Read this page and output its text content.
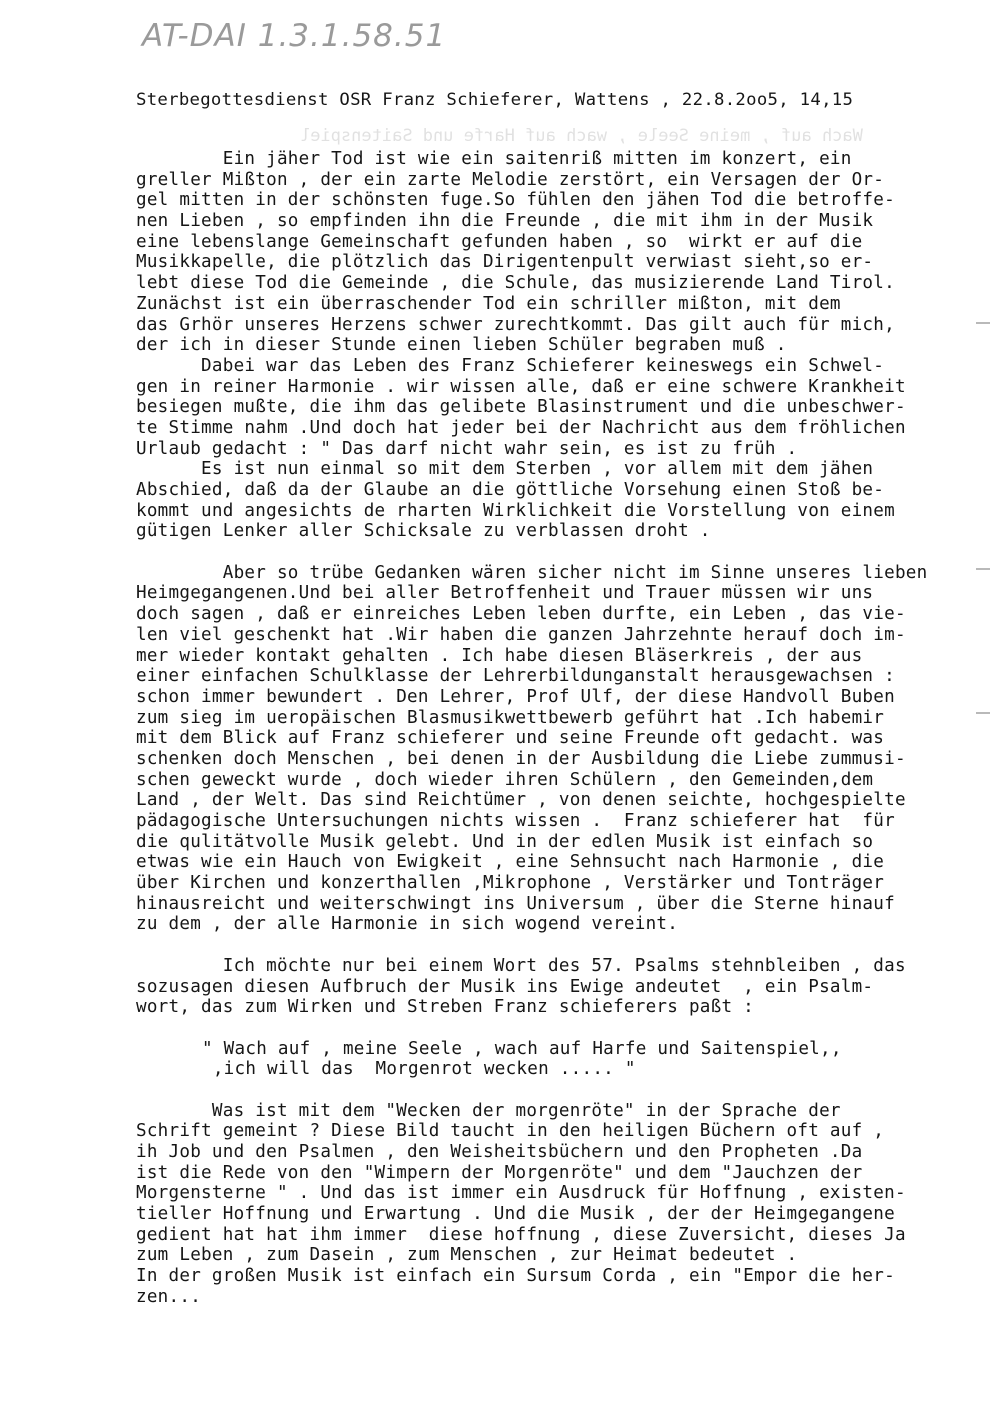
AT-DAI 1.3.1.58.51
Wach auf , meine Seele , wach auf Harfe und Saitenspiel
Sterbegottesdienst OSR Franz Schieferer, Wattens , 22.8.2oo5, 14,15
Ein jäher Tod ist wie ein saitenriß mitten im konzert, ein
greller Mißton , der ein zarte Melodie zerstört, ein Versagen der Or-
gel mitten in der schönsten fuge.So fühlen den jähen Tod die betroffe-
nen Lieben , so empfinden ihn die Freunde , die mit ihm in der Musik
eine lebenslange Gemeinschaft gefunden haben , so  wirkt er auf die
Musikkapelle, die plötzlich das Dirigentenpult verwiast sieht,so er-
lebt diese Tod die Gemeinde , die Schule, das musizierende Land Tirol.
Zunächst ist ein überraschender Tod ein schriller mißton, mit dem
das Grhör unseres Herzens schwer zurechtkommt. Das gilt auch für mich,
der ich in dieser Stunde einen lieben Schüler begraben muß .
Dabei war das Leben des Franz Schieferer keineswegs ein Schwel-
gen in reiner Harmonie . wir wissen alle, daß er eine schwere Krankheit
besiegen mußte, die ihm das gelibete Blasinstrument und die unbeschwer-
te Stimme nahm .Und doch hat jeder bei der Nachricht aus dem fröhlichen
Urlaub gedacht : " Das darf nicht wahr sein, es ist zu früh .
Es ist nun einmal so mit dem Sterben , vor allem mit dem jähen
Abschied, daß da der Glaube an die göttliche Vorsehung einen Stoß be-
kommt und angesichts de rharten Wirklichkeit die Vorstellung von einem
gütigen Lenker aller Schicksale zu verblassen droht .
Aber so trübe Gedanken wären sicher nicht im Sinne unseres lieben
Heimgegangenen.Und bei aller Betroffenheit und Trauer müssen wir uns
doch sagen , daß er einreiches Leben leben durfte, ein Leben , das vie-
len viel geschenkt hat .Wir haben die ganzen Jahrzehnte herauf doch im-
mer wieder kontakt gehalten . Ich habe diesen Bläserkreis , der aus
einer einfachen Schulklasse der Lehrerbildunganstalt herausgewachsen :
schon immer bewundert . Den Lehrer, Prof Ulf, der diese Handvoll Buben
zum sieg im ueropäischen Blasmusikwettbewerb geführt hat .Ich habemir
mit dem Blick auf Franz schieferer und seine Freunde oft gedacht. was
schenken doch Menschen , bei denen in der Ausbildung die Liebe zummusi-
schen geweckt wurde , doch wieder ihren Schülern , den Gemeinden,dem
Land , der Welt. Das sind Reichtümer , von denen seichte, hochgespielte
pädagogische Untersuchungen nichts wissen .  Franz schieferer hat  für
die qulitätvolle Musik gelebt. Und in der edlen Musik ist einfach so
etwas wie ein Hauch von Ewigkeit , eine Sehnsucht nach Harmonie , die
über Kirchen und konzerthallen ,Mikrophone , Verstärker und Tonträger
hinausreicht und weiterschwingt ins Universum , über die Sterne hinauf
zu dem , der alle Harmonie in sich wogend vereint.
Ich möchte nur bei einem Wort des 57. Psalms stehnbleiben , das
sozusagen diesen Aufbruch der Musik ins Ewige andeutet  , ein Psalm-
wort, das zum Wirken und Streben Franz schieferers paßt :
" Wach auf , meine Seele , wach auf Harfe und Saitenspiel,,
,ich will das  Morgenrot wecken ..... "
Was ist mit dem "Wecken der morgenröte" in der Sprache der
Schrift gemeint ? Diese Bild taucht in den heiligen Büchern oft auf ,
ih Job und den Psalmen , den Weisheitsbüchern und den Propheten .Da
ist die Rede von den "Wimpern der Morgenröte" und dem "Jauchzen der
Morgensterne " . Und das ist immer ein Ausdruck für Hoffnung , existen-
tieller Hoffnung und Erwartung . Und die Musik , der der Heimgegangene
gedient hat hat ihm immer  diese hoffnung , diese Zuversicht, dieses Ja
zum Leben , zum Dasein , zum Menschen , zur Heimat bedeutet .
In der großen Musik ist einfach ein Sursum Corda , ein "Empor die her-
zen...
